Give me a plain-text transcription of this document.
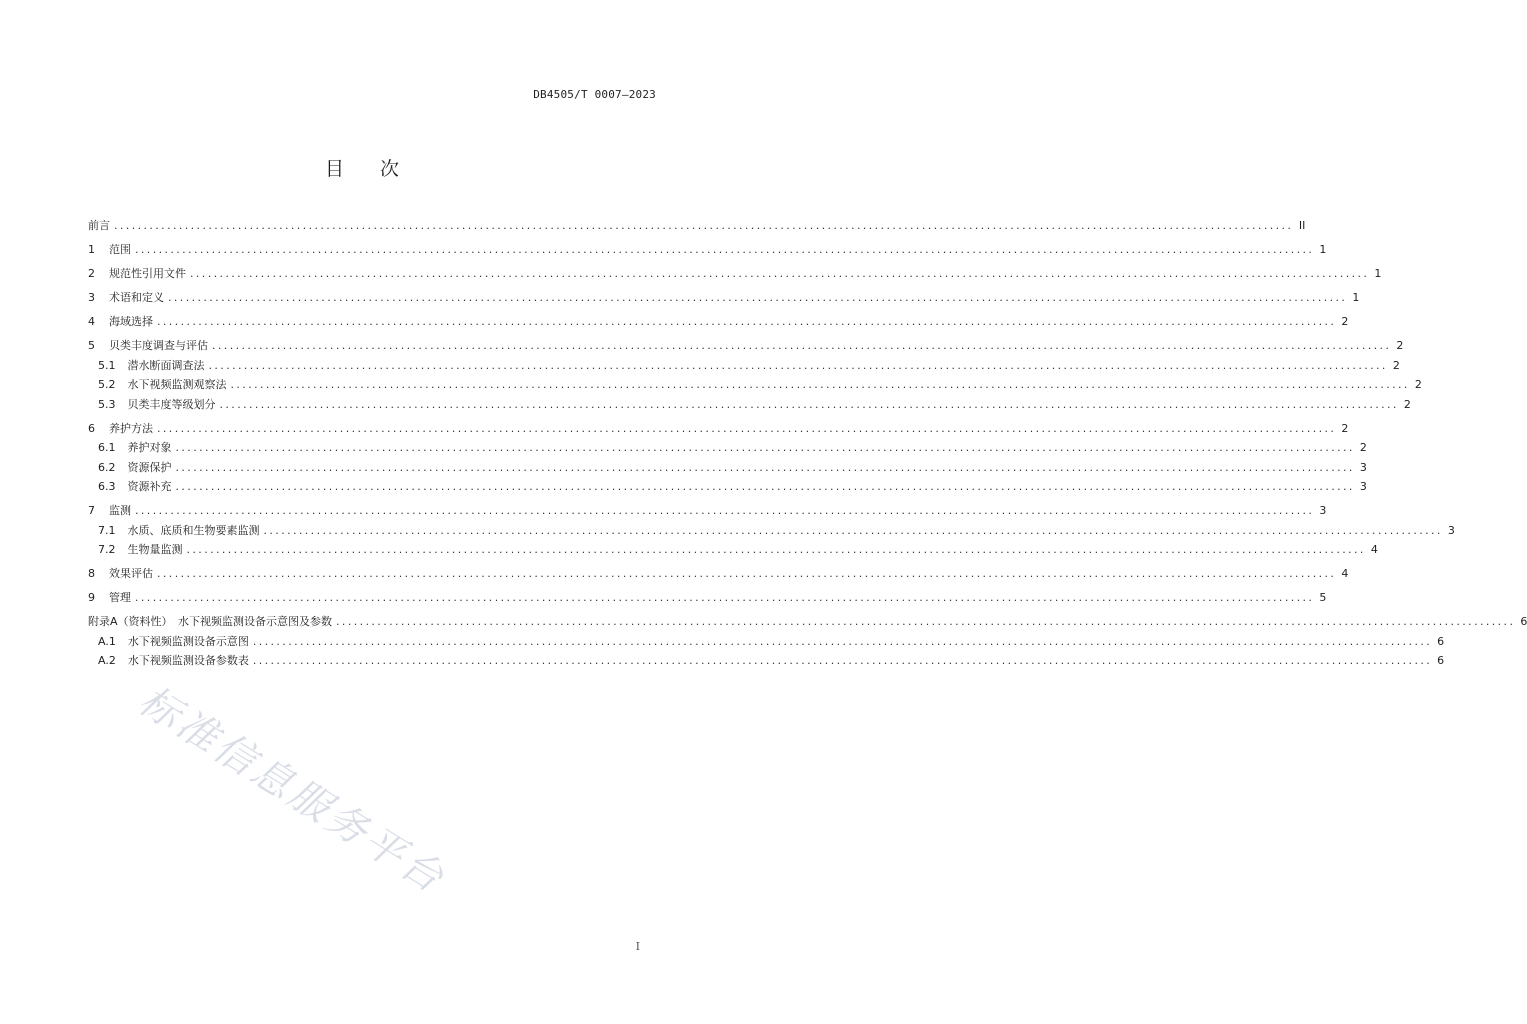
DB4505/T 0007—2023
目 次
标准信息服务平台
前言 ........................................................................................................................................................................................................ II
1 范围 ........................................................................................................................................................................................................ 1
2 规范性引用文件 ........................................................................................................................................................................................................ 1
3 术语和定义 ........................................................................................................................................................................................................ 1
4 海域选择 ........................................................................................................................................................................................................ 2
5 贝类丰度调查与评估 ........................................................................................................................................................................................................ 2
5.1 潜水断面调查法 ........................................................................................................................................................................................................ 2
5.2 水下视频监测观察法 ........................................................................................................................................................................................................ 2
5.3 贝类丰度等级划分 ........................................................................................................................................................................................................ 2
6 养护方法 ........................................................................................................................................................................................................ 2
6.1 养护对象 ........................................................................................................................................................................................................ 2
6.2 资源保护 ........................................................................................................................................................................................................ 3
6.3 资源补充 ........................................................................................................................................................................................................ 3
7 监测 ........................................................................................................................................................................................................ 3
7.1 水质、底质和生物要素监测 ........................................................................................................................................................................................................ 3
7.2 生物量监测 ........................................................................................................................................................................................................ 4
8 效果评估 ........................................................................................................................................................................................................ 4
9 管理 ........................................................................................................................................................................................................ 5
附录A（资料性）　水下视频监测设备示意图及参数 ........................................................................................................................................................................................................ 6
A.1 水下视频监测设备示意图 ........................................................................................................................................................................................................ 6
A.2 水下视频监测设备参数表 ........................................................................................................................................................................................................ 6
I
